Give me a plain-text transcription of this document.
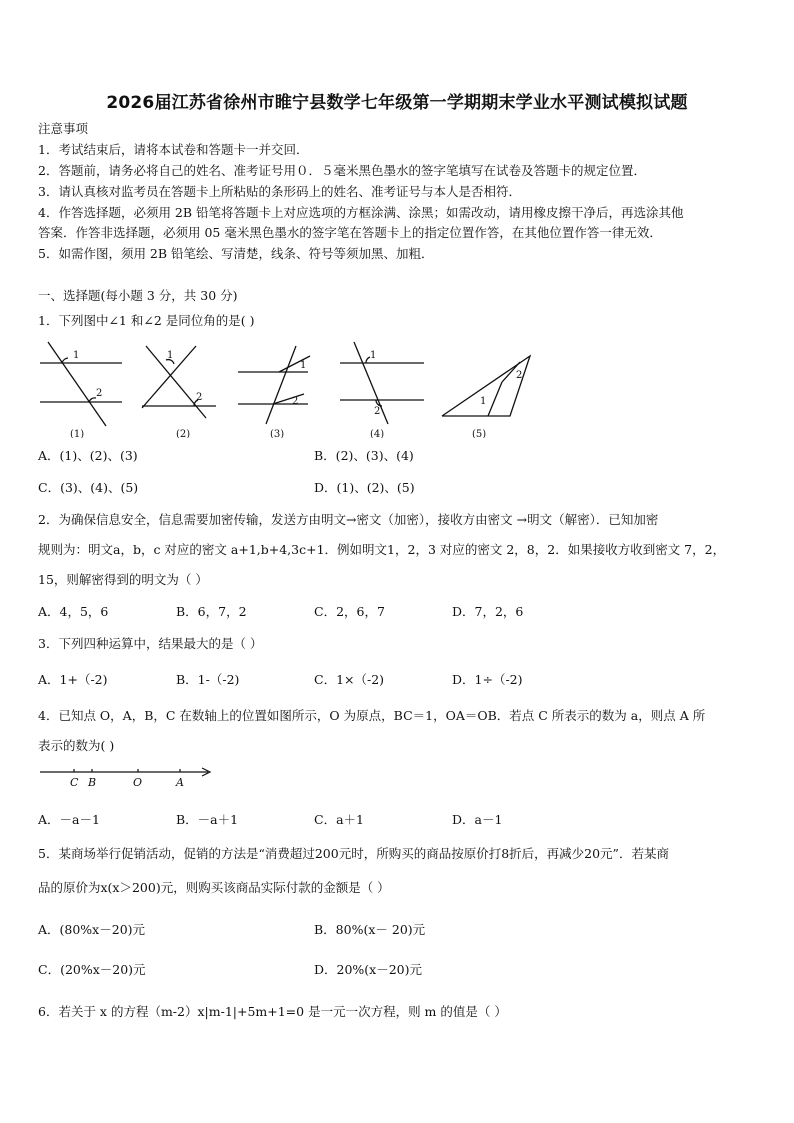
2026届江苏省徐州市睢宁县数学七年级第一学期期末学业水平测试模拟试题
注意事项
1．考试结束后，请将本试卷和答题卡一并交回．
2．答题前，请务必将自己的姓名、准考证号用０．５毫米黑色墨水的签字笔填写在试卷及答题卡的规定位置．
3．请认真核对监考员在答题卡上所粘贴的条形码上的姓名、准考证号与本人是否相符．
4．作答选择题，必须用 2B 铅笔将答题卡上对应选项的方框涂满、涂黑；如需改动，请用橡皮擦干净后，再选涂其他
答案．作答非选择题，必须用 05 毫米黑色墨水的签字笔在答题卡上的指定位置作答，在其他位置作答一律无效．
5．如需作图，须用 2B 铅笔绘、写清楚，线条、符号等须加黑、加粗．
一、选择题(每小题 3 分，共 30 分)
1．下列图中∠1 和∠2 是同位角的是( )
1
2
1
2
1
2
1
2
1
2
(1)	(2)	(3)	(4)	(5)
A．(1)、(2)、(3)	B．(2)、(3)、(4)
C．(3)、(4)、(5)	D．(1)、(2)、(5)
2．为确保信息安全，信息需要加密传输，发送方由明文→密文（加密），接收方由密文 →明文（解密）．已知加密
规则为：明文a，b，c 对应的密文 a+1,b+4,3c+1．例如明文1，2，3 对应的密文 2，8，2．如果接收方收到密文 7，2，
15，则解密得到的明文为（ ）
A．4，5，6	B．6，7，2	C．2，6，7	D．7，2，6
3．下列四种运算中，结果最大的是（ ）
A．1+（-2)	B．1-（-2)	C．1×（-2)	D．1÷（-2)
4．已知点 O，A，B，C 在数轴上的位置如图所示，O 为原点，BC＝1，OA＝OB．若点 C 所表示的数为 a，则点 A 所
表示的数为( )
C B	O	A
A．－a－1	B．－a＋1	C．a＋1	D．a－1
5．某商场举行促销活动，促销的方法是“消费超过200元时，所购买的商品按原价打8折后，再减少20元”．若某商
品的原价为x(x＞200)元，则购买该商品实际付款的金额是（ ）
A．(80%x－20)元	B．80%(x－ 20)元
C．(20%x－20)元	D．20%(x－20)元
6．若关于 x 的方程（m-2）x|m-1|+5m+1=0 是一元一次方程，则 m 的值是（ ）
